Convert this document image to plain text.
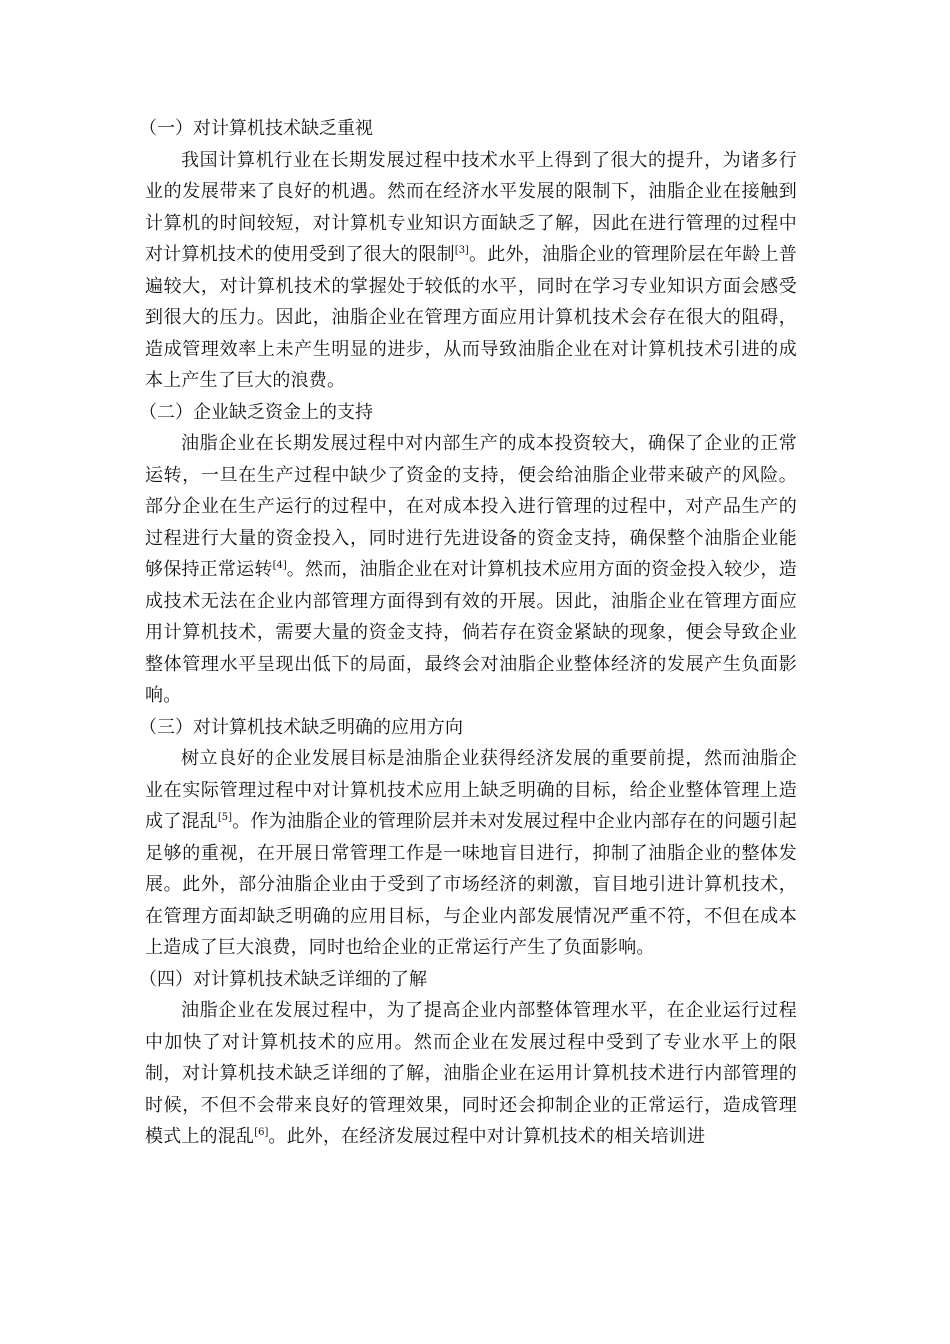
（一）对计算机技术缺乏重视

我国计算机行业在长期发展过程中技术水平上得到了很大的提升，为诸多行业的发展带来了良好的机遇。然而在经济水平发展的限制下，油脂企业在接触到计算机的时间较短，对计算机专业知识方面缺乏了解，因此在进行管理的过程中对计算机技术的使用受到了很大的限制[3]。此外，油脂企业的管理阶层在年龄上普遍较大，对计算机技术的掌握处于较低的水平，同时在学习专业知识方面会感受到很大的压力。因此，油脂企业在管理方面应用计算机技术会存在很大的阻碍，造成管理效率上未产生明显的进步，从而导致油脂企业在对计算机技术引进的成本上产生了巨大的浪费。

（二）企业缺乏资金上的支持

油脂企业在长期发展过程中对内部生产的成本投资较大，确保了企业的正常运转，一旦在生产过程中缺少了资金的支持，便会给油脂企业带来破产的风险。部分企业在生产运行的过程中，在对成本投入进行管理的过程中，对产品生产的过程进行大量的资金投入，同时进行先进设备的资金支持，确保整个油脂企业能够保持正常运转[4]。然而，油脂企业在对计算机技术应用方面的资金投入较少，造成技术无法在企业内部管理方面得到有效的开展。因此，油脂企业在管理方面应用计算机技术，需要大量的资金支持，倘若存在资金紧缺的现象，便会导致企业整体管理水平呈现出低下的局面，最终会对油脂企业整体经济的发展产生负面影响。

（三）对计算机技术缺乏明确的应用方向

树立良好的企业发展目标是油脂企业获得经济发展的重要前提，然而油脂企业在实际管理过程中对计算机技术应用上缺乏明确的目标，给企业整体管理上造成了混乱[5]。作为油脂企业的管理阶层并未对发展过程中企业内部存在的问题引起足够的重视，在开展日常管理工作是一味地盲目进行，抑制了油脂企业的整体发展。此外，部分油脂企业由于受到了市场经济的刺激，盲目地引进计算机技术，在管理方面却缺乏明确的应用目标，与企业内部发展情况严重不符，不但在成本上造成了巨大浪费，同时也给企业的正常运行产生了负面影响。

（四）对计算机技术缺乏详细的了解

油脂企业在发展过程中，为了提高企业内部整体管理水平，在企业运行过程中加快了对计算机技术的应用。然而企业在发展过程中受到了专业水平上的限制，对计算机技术缺乏详细的了解，油脂企业在运用计算机技术进行内部管理的时候，不但不会带来良好的管理效果，同时还会抑制企业的正常运行，造成管理模式上的混乱[6]。此外，在经济发展过程中对计算机技术的相关培训进
